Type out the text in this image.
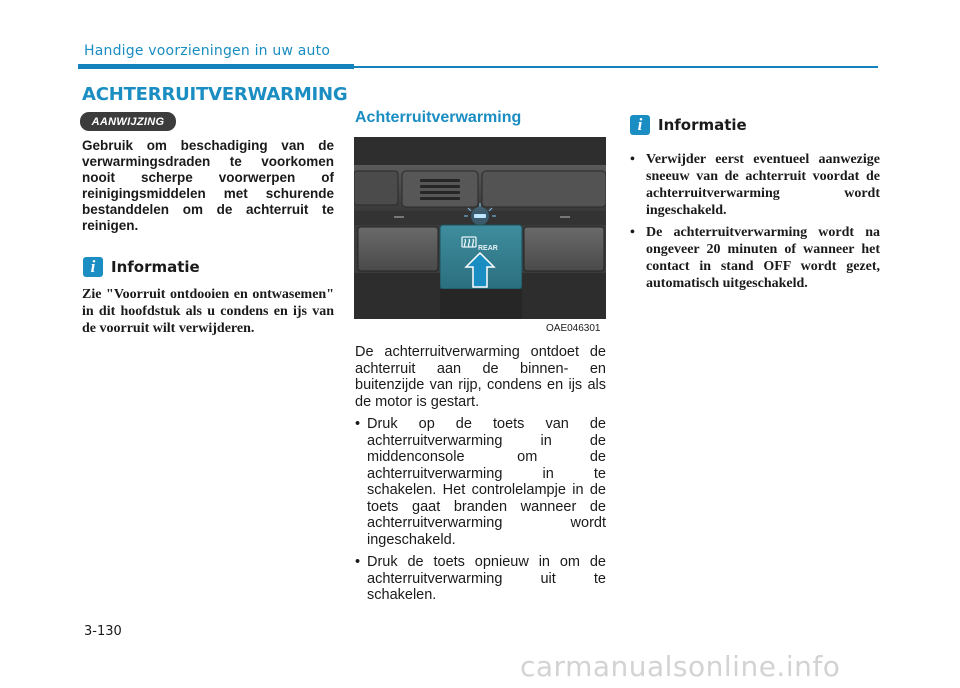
Handige voorzieningen in uw auto
ACHTERRUITVERWARMING
AANWIJZING
Gebruik om beschadiging van de verwarmingsdraden te voorkomen nooit scherpe voorwerpen of reinigingsmiddelen met schurende bestanddelen om de achterruit te reinigen.
i	Informatie
Zie "Voorruit ontdooien en ontwasemen" in dit hoofdstuk als u condens en ijs van de voorruit wilt verwijderen.
Achterruitverwarming
REAR
OAE046301

De achterruitverwarming ontdoet de achterruit aan de binnen- en buitenzijde van rijp, condens en ijs als de motor is gestart.

• Druk op de toets van de achterruitverwarming in de middenconsole om de achterruitverwarming in te schakelen. Het controlelampje in de toets gaat branden wanneer de achterruitverwarming wordt ingeschakeld.
• Druk de toets opnieuw in om de achterruitverwarming uit te schakelen.
i	Informatie
• Verwijder eerst eventueel aanwezige sneeuw van de achterruit voordat de achterruitverwarming wordt ingeschakeld.
• De achterruitverwarming wordt na ongeveer 20 minuten of wanneer het contact in stand OFF wordt gezet, automatisch uitgeschakeld.
3-130
carmanualsonline.info
